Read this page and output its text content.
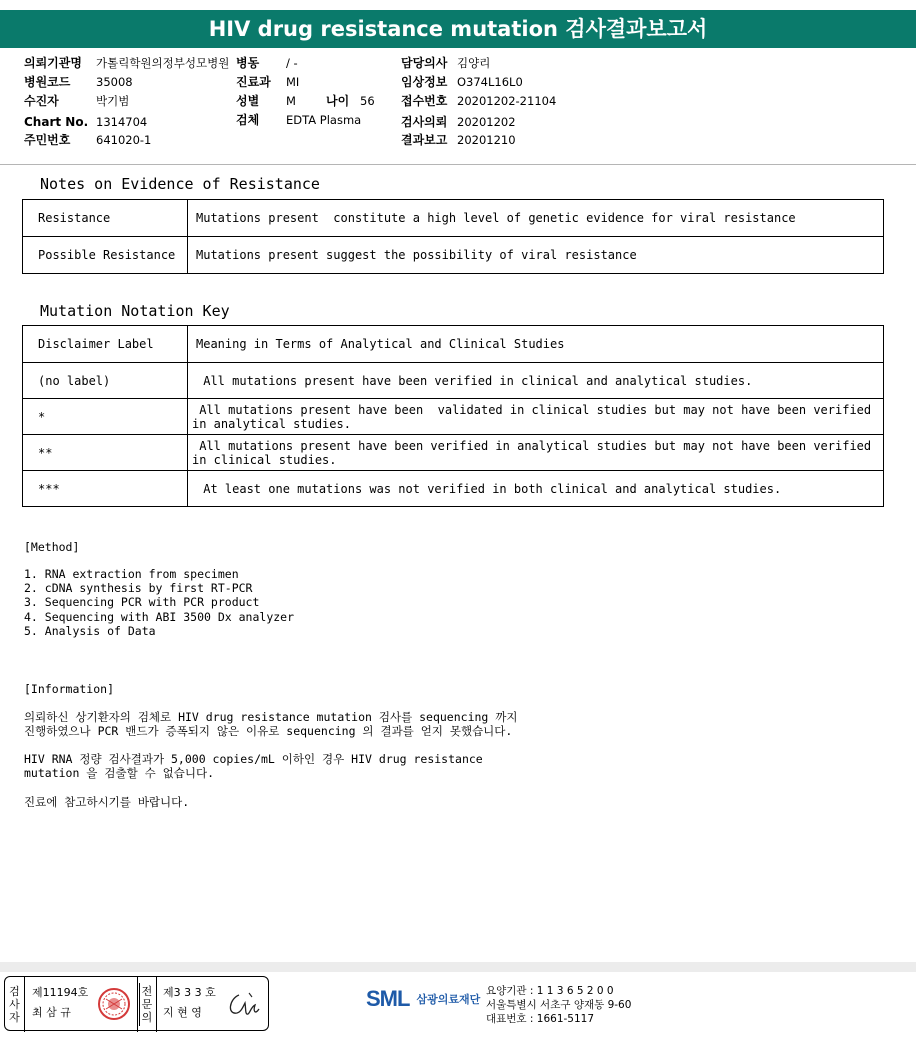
HIV drug resistance mutation 검사결과보고서
의뢰기관명 가톨릭학원의정부성모병원
병원코드 35008
수진자	박기범
Chart No. 1314704
주민번호 641020-1
병동 / -
진료과 MI
성별 M	나이 56
검체 EDTA Plasma
담당의사 김양리
임상정보 O374L16L0
접수번호 20201202-21104
검사의뢰 20201202
결과보고 20201210
Notes on Evidence of Resistance
Resistance	Mutations present  constitute a high level of genetic evidence for viral resistance
Possible Resistance	Mutations present suggest the possibility of viral resistance
Mutation Notation Key
Disclaimer Label	Meaning in Terms of Analytical and Clinical Studies
(no label)	All mutations present have been verified in clinical and analytical studies.
*	All mutations present have been  validated in clinical studies but may not have been verified
in analytical studies.
**	All mutations present have been verified in analytical studies but may not have been verified
in clinical studies.
***	At least one mutations was not verified in both clinical and analytical studies.
[Method]
1. RNA extraction from specimen
2. cDNA synthesis by first RT-PCR
3. Sequencing PCR with PCR product
4. Sequencing with ABI 3500 Dx analyzer
5. Analysis of Data
[Information]
의뢰하신 상기환자의 검체로 HIV drug resistance mutation 검사를 sequencing 까지
진행하였으나 PCR 밴드가 증폭되지 않은 이유로 sequencing 의 결과를 얻지 못했습니다.
HIV RNA 정량 검사결과가 5,000 copies/mL 이하인 경우 HIV drug resistance
mutation 을 검출할 수 없습니다.
진료에 참고하시기를 바랍니다.
검
사
자
제11194호
최 삼 규
전
문
의
제3 3 3 호
지 현 영
SML 삼광의료재단
요양기관 : 1 1 3 6 5 2 0 0
서울특별시 서초구 양재동 9-60
대표번호 : 1661-5117
